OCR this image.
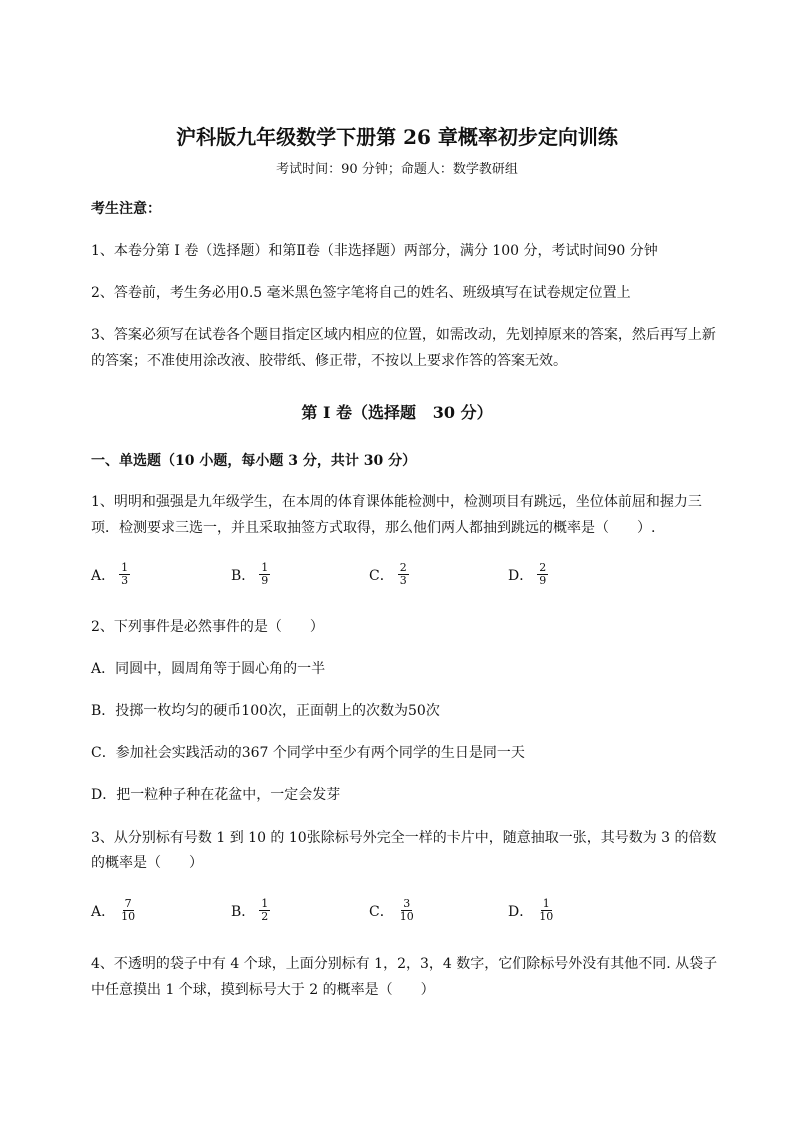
沪科版九年级数学下册第 26 章概率初步定向训练
考试时间：90 分钟；命题人：数学教研组
考生注意：
1、本卷分第 I 卷（选择题）和第Ⅱ卷（非选择题）两部分，满分 100 分，考试时间90 分钟
2、答卷前，考生务必用0.5 毫米黑色签字笔将自己的姓名、班级填写在试卷规定位置上
3、答案必须写在试卷各个题目指定区域内相应的位置，如需改动，先划掉原来的答案，然后再写上新
的答案；不准使用涂改液、胶带纸、修正带，不按以上要求作答的答案无效。
第 I 卷（选择题   30 分）
一、单选题（10 小题，每小题 3 分，共计 30 分）
1、明明和强强是九年级学生，在本周的体育课体能检测中，检测项目有跳远，坐位体前屈和握力三
项．检测要求三选一，并且采取抽签方式取得，那么他们两人都抽到跳远的概率是（　　）.
A． $\frac{1}{3}$	B． $\frac{1}{9}$	C． $\frac{2}{3}$	D． $\frac{2}{9}$
2、下列事件是必然事件的是（　　）
A．同圆中，圆周角等于圆心角的一半
B．投掷一枚均匀的硬币100次，正面朝上的次数为50次
C．参加社会实践活动的367 个同学中至少有两个同学的生日是同一天
D．把一粒种子种在花盆中，一定会发芽
3、从分别标有号数 1 到 10 的 10张除标号外完全一样的卡片中，随意抽取一张，其号数为 3 的倍数
的概率是（　　）
A． $\frac{7}{10}$	B． $\frac{1}{2}$	C． $\frac{3}{10}$	D． $\frac{1}{10}$
4、不透明的袋子中有 4 个球，上面分别标有 1，2，3，4 数字，它们除标号外没有其他不同. 从袋子
中任意摸出 1 个球，摸到标号大于 2 的概率是（　　）
